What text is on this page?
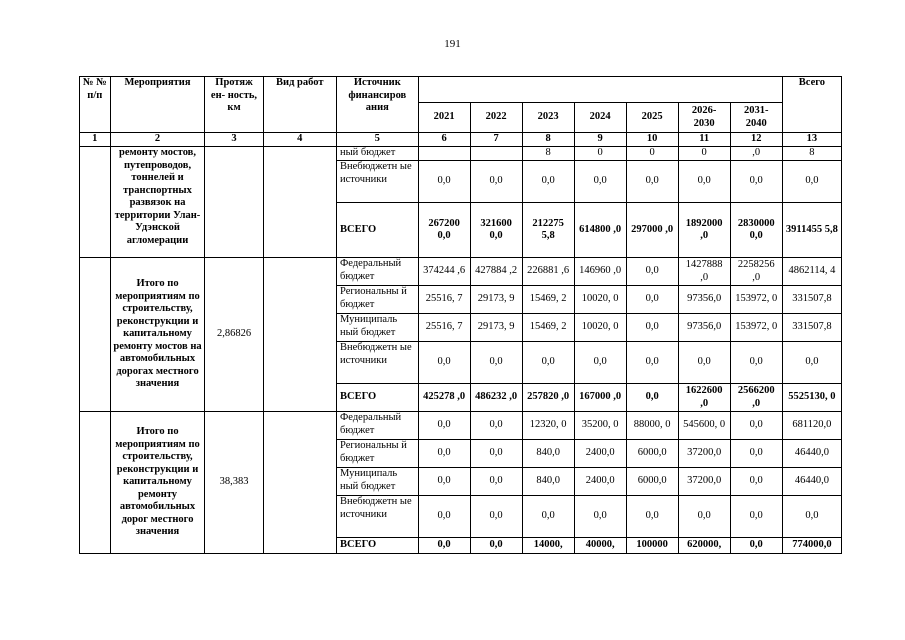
191
№ № п/п	Мероприятия	Протяж ен- ность, км	Вид работ	Источник финансиров ания								Всего
					2021	2022	2023	2024	2025	2026- 2030	2031- 2040	
1	2	3	4	5	6	7	8	9	10	11	12	13
	ремонту мостов, путепроводов, тоннелей и транспортных развязок на территории Улан- Удэнской агломерации			ный бюджет			8	0	0	0	,0	8
				Внебюджетн ые источники	0,0	0,0	0,0	0,0	0,0	0,0	0,0	0,0
				ВСЕГО	267200 0,0	321600 0,0	212275 5,8	614800 ,0	297000 ,0	1892000 ,0	2830000 0,0	3911455 5,8
	Итого по мероприятиям по строительству, реконструкции и капитальному ремонту мостов на автомобильных дорогах местного значения	2,86826		Федеральный бюджет	374244 ,6	427884 ,2	226881 ,6	146960 ,0	0,0	1427888 ,0	2258256 ,0	4862114, 4
				Региональны й бюджет	25516, 7	29173, 9	15469, 2	10020, 0	0,0	97356,0	153972, 0	331507,8
				Муниципаль ный бюджет	25516, 7	29173, 9	15469, 2	10020, 0	0,0	97356,0	153972, 0	331507,8
				Внебюджетн ые источники	0,0	0,0	0,0	0,0	0,0	0,0	0,0	0,0
				ВСЕГО	425278 ,0	486232 ,0	257820 ,0	167000 ,0	0,0	1622600 ,0	2566200 ,0	5525130, 0
	Итого по мероприятиям по строительству, реконструкции и капитальному ремонту автомобильных дорог местного значения	38,383		Федеральный бюджет	0,0	0,0	12320, 0	35200, 0	88000, 0	545600, 0	0,0	681120,0
				Региональны й бюджет	0,0	0,0	840,0	2400,0	6000,0	37200,0	0,0	46440,0
				Муниципаль ный бюджет	0,0	0,0	840,0	2400,0	6000,0	37200,0	0,0	46440,0
				Внебюджетн ые источники	0,0	0,0	0,0	0,0	0,0	0,0	0,0	0,0
				ВСЕГО	0,0	0,0	14000,	40000,	100000	620000,	0,0	774000,0
